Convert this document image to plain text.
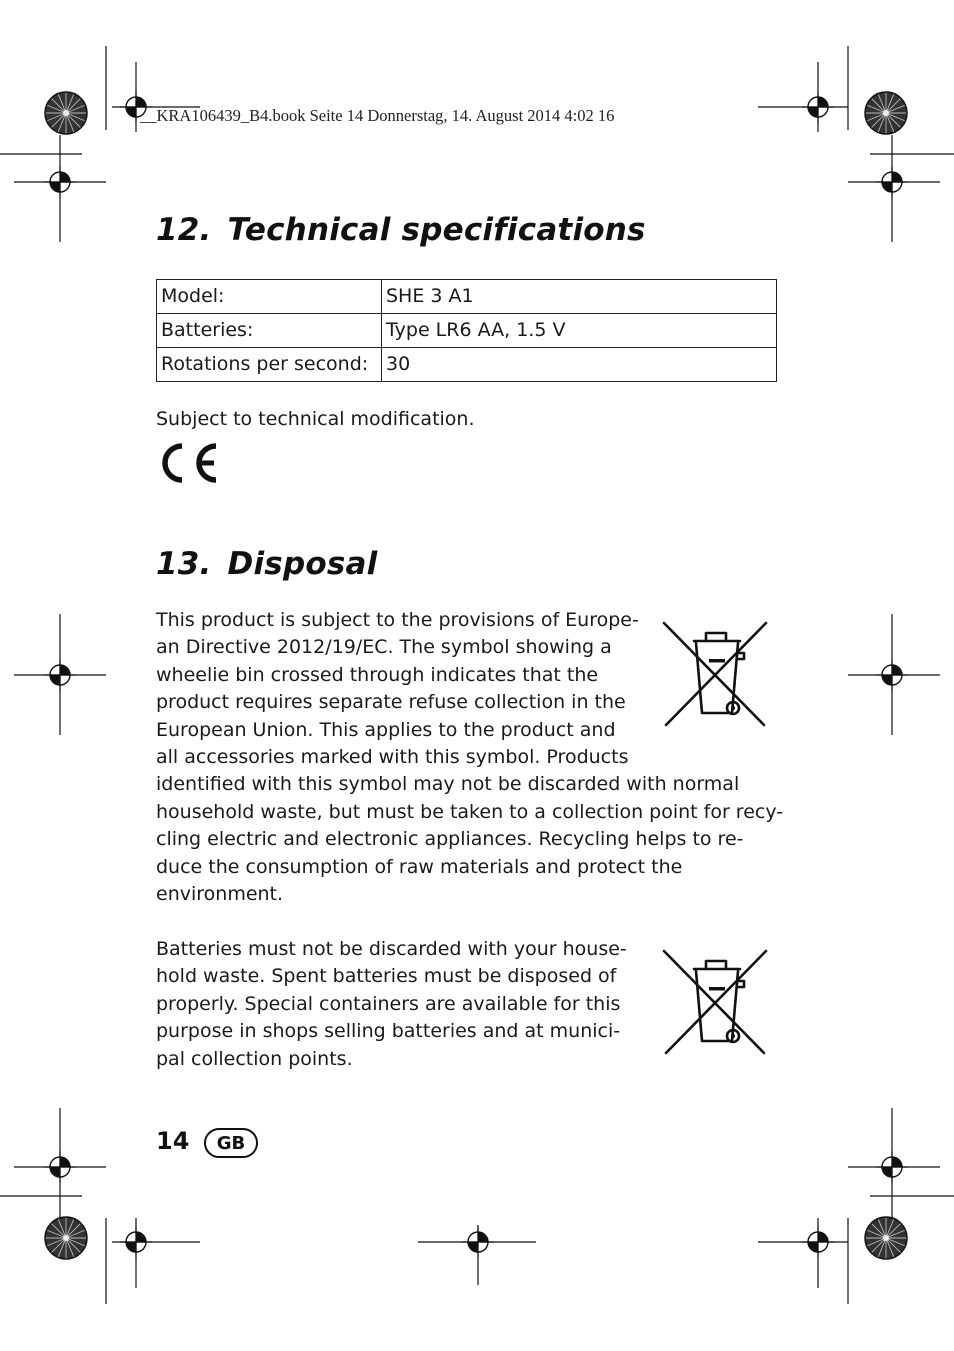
__KRA106439_B4.book Seite 14 Donnerstag, 14. August 2014 4:02 16
12. Technical specifications
Model:	SHE 3 A1
Batteries:	Type LR6 AA, 1.5 V
Rotations per second:	30
Subject to technical modification.
13. Disposal
This product is subject to the provisions of Europe-
an Directive 2012/19/EC. The symbol showing a
wheelie bin crossed through indicates that the
product requires separate refuse collection in the
European Union. This applies to the product and
all accessories marked with this symbol. Products
identified with this symbol may not be discarded with normal
household waste, but must be taken to a collection point for recy-
cling electric and electronic appliances. Recycling helps to re-
duce the consumption of raw materials and protect the
environment.
Batteries must not be discarded with your house-
hold waste. Spent batteries must be disposed of
properly. Special containers are available for this
purpose in shops selling batteries and at munici-
pal collection points.
14	GB
